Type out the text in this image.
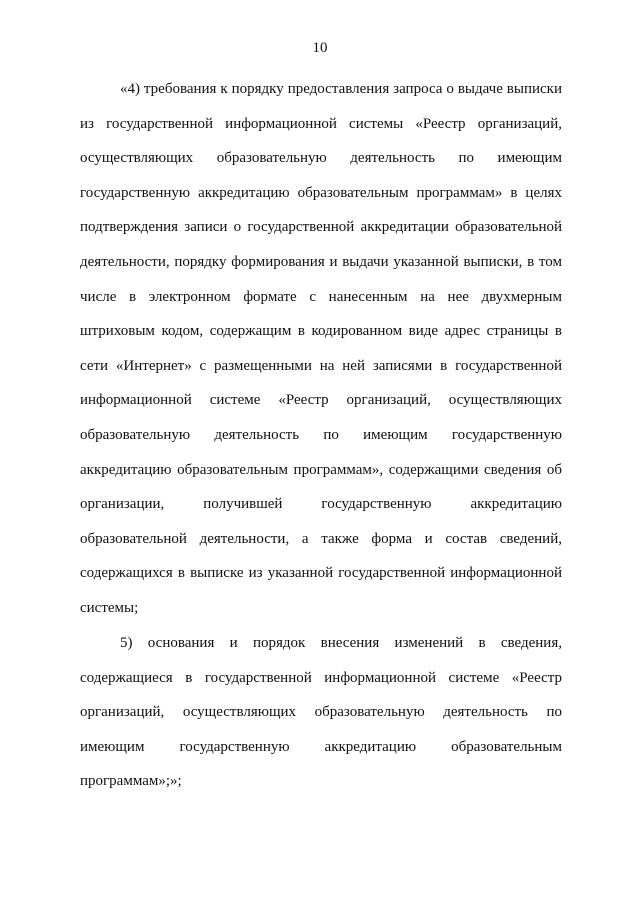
10

«4) требования к порядку предоставления запроса о выдаче выписки из государственной информационной системы «Реестр организаций, осуществляющих образовательную деятельность по имеющим государственную аккредитацию образовательным программам» в целях подтверждения записи о государственной аккредитации образовательной деятельности, порядку формирования и выдачи указанной выписки, в том числе в электронном формате с нанесенным на нее двухмерным штриховым кодом, содержащим в кодированном виде адрес страницы в сети «Интернет» с размещенными на ней записями в государственной информационной системе «Реестр организаций, осуществляющих образовательную деятельность по имеющим государственную аккредитацию образовательным программам», содержащими сведения об организации, получившей государственную аккредитацию образовательной деятельности, а также форма и состав сведений, содержащихся в выписке из указанной государственной информационной системы;

5) основания и порядок внесения изменений в сведения, содержащиеся в государственной информационной системе «Реестр организаций, осуществляющих образовательную деятельность по имеющим государственную аккредитацию образовательным программам»;»;
